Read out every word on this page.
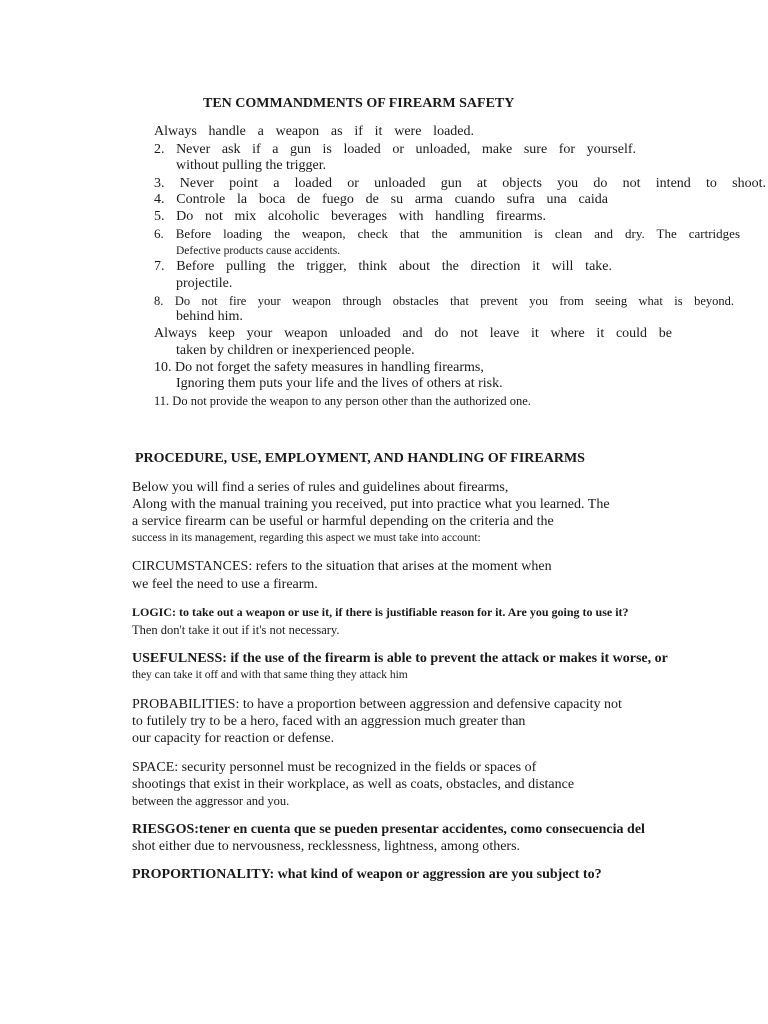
TEN COMMANDMENTS OF FIREARM SAFETY
Always handle a weapon as if it were loaded.
2. Never ask if a gun is loaded or unloaded, make sure for yourself.
without pulling the trigger.
3. Never point a loaded or unloaded gun at objects you do not intend to shoot.
4. Controle la boca de fuego de su arma cuando sufra una caida
5. Do not mix alcoholic beverages with handling firearms.
6. Before loading the weapon, check that the ammunition is clean and dry. The cartridges
Defective products cause accidents.
7. Before pulling the trigger, think about the direction it will take.
projectile.
8. Do not fire your weapon through obstacles that prevent you from seeing what is beyond.
behind him.
Always keep your weapon unloaded and do not leave it where it could be
taken by children or inexperienced people.
10. Do not forget the safety measures in handling firearms,
Ignoring them puts your life and the lives of others at risk.
11. Do not provide the weapon to any person other than the authorized one.
PROCEDURE, USE, EMPLOYMENT, AND HANDLING OF FIREARMS
Below you will find a series of rules and guidelines about firearms,
Along with the manual training you received, put into practice what you learned. The
a service firearm can be useful or harmful depending on the criteria and the
success in its management, regarding this aspect we must take into account:
CIRCUMSTANCES: refers to the situation that arises at the moment when
we feel the need to use a firearm.
LOGIC: to take out a weapon or use it, if there is justifiable reason for it. Are you going to use it?
Then don't take it out if it's not necessary.
USEFULNESS: if the use of the firearm is able to prevent the attack or makes it worse, or
they can take it off and with that same thing they attack him
PROBABILITIES: to have a proportion between aggression and defensive capacity not
to futilely try to be a hero, faced with an aggression much greater than
our capacity for reaction or defense.
SPACE: security personnel must be recognized in the fields or spaces of
shootings that exist in their workplace, as well as coats, obstacles, and distance
between the aggressor and you.
RIESGOS:tener en cuenta que se pueden presentar accidentes, como consecuencia del
shot either due to nervousness, recklessness, lightness, among others.
PROPORTIONALITY: what kind of weapon or aggression are you subject to?
